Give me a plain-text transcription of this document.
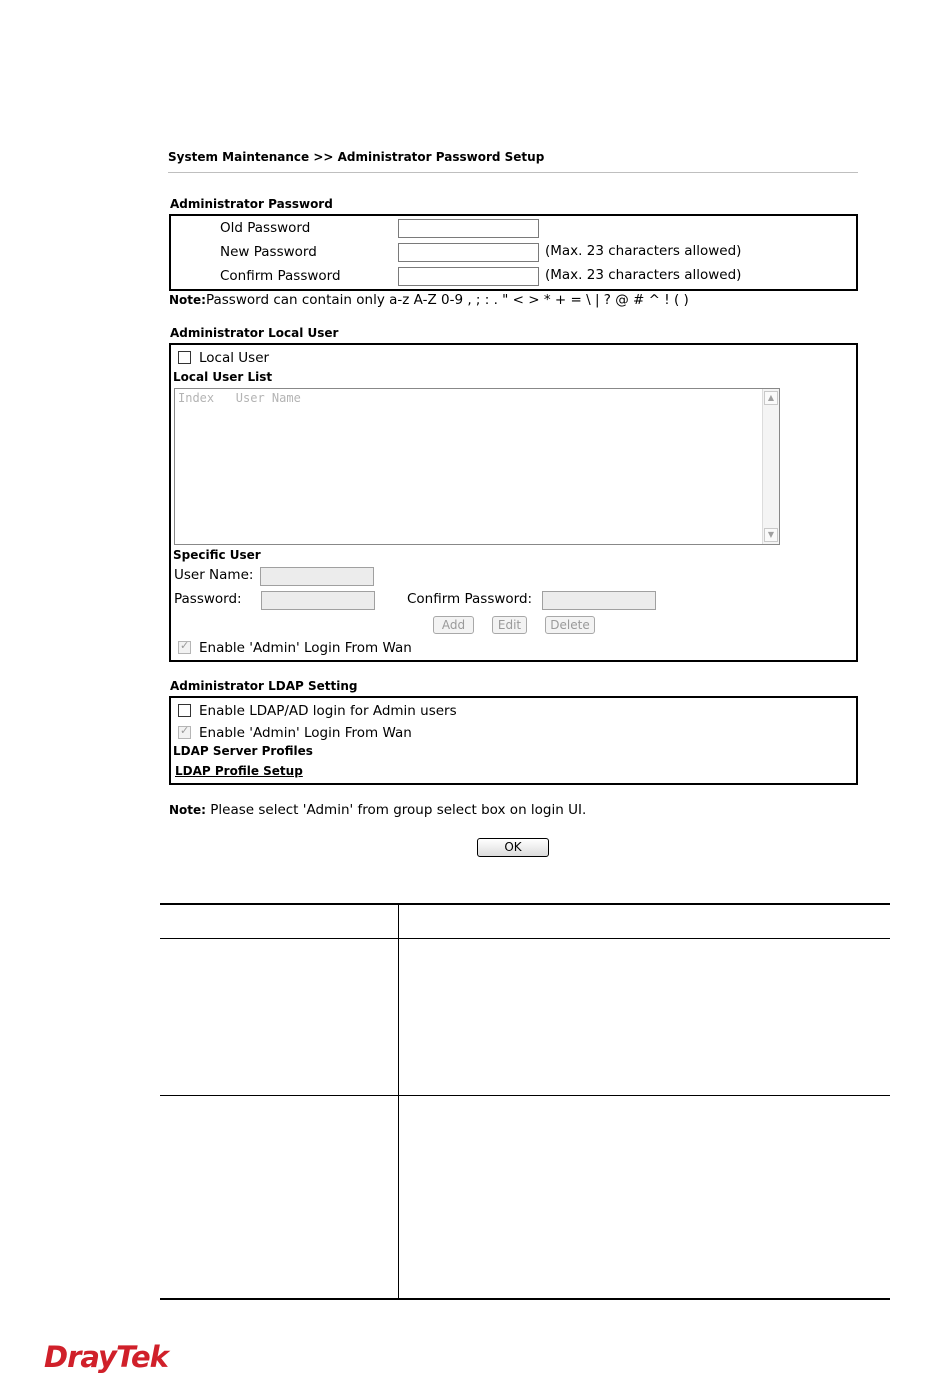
System Maintenance >> Administrator Password Setup
Administrator Password
Old Password
New Password	(Max. 23 characters allowed)
Confirm Password	(Max. 23 characters allowed)
Note:Password can contain only a-z A-Z 0-9 , ; : . " < > * + = \ | ? @ # ^ ! ( )
Administrator Local User
Local User
Local User List
Index   User Name	▲
▼
Specific User
User Name:
Password:	Confirm Password:
Add	Edit	Delete
✓ Enable 'Admin' Login From Wan
Administrator LDAP Setting
Enable LDAP/AD login for Admin users
✓ Enable 'Admin' Login From Wan
LDAP Server Profiles
LDAP Profile Setup
Note: Please select 'Admin' from group select box on login UI.
OK
DrayTek
